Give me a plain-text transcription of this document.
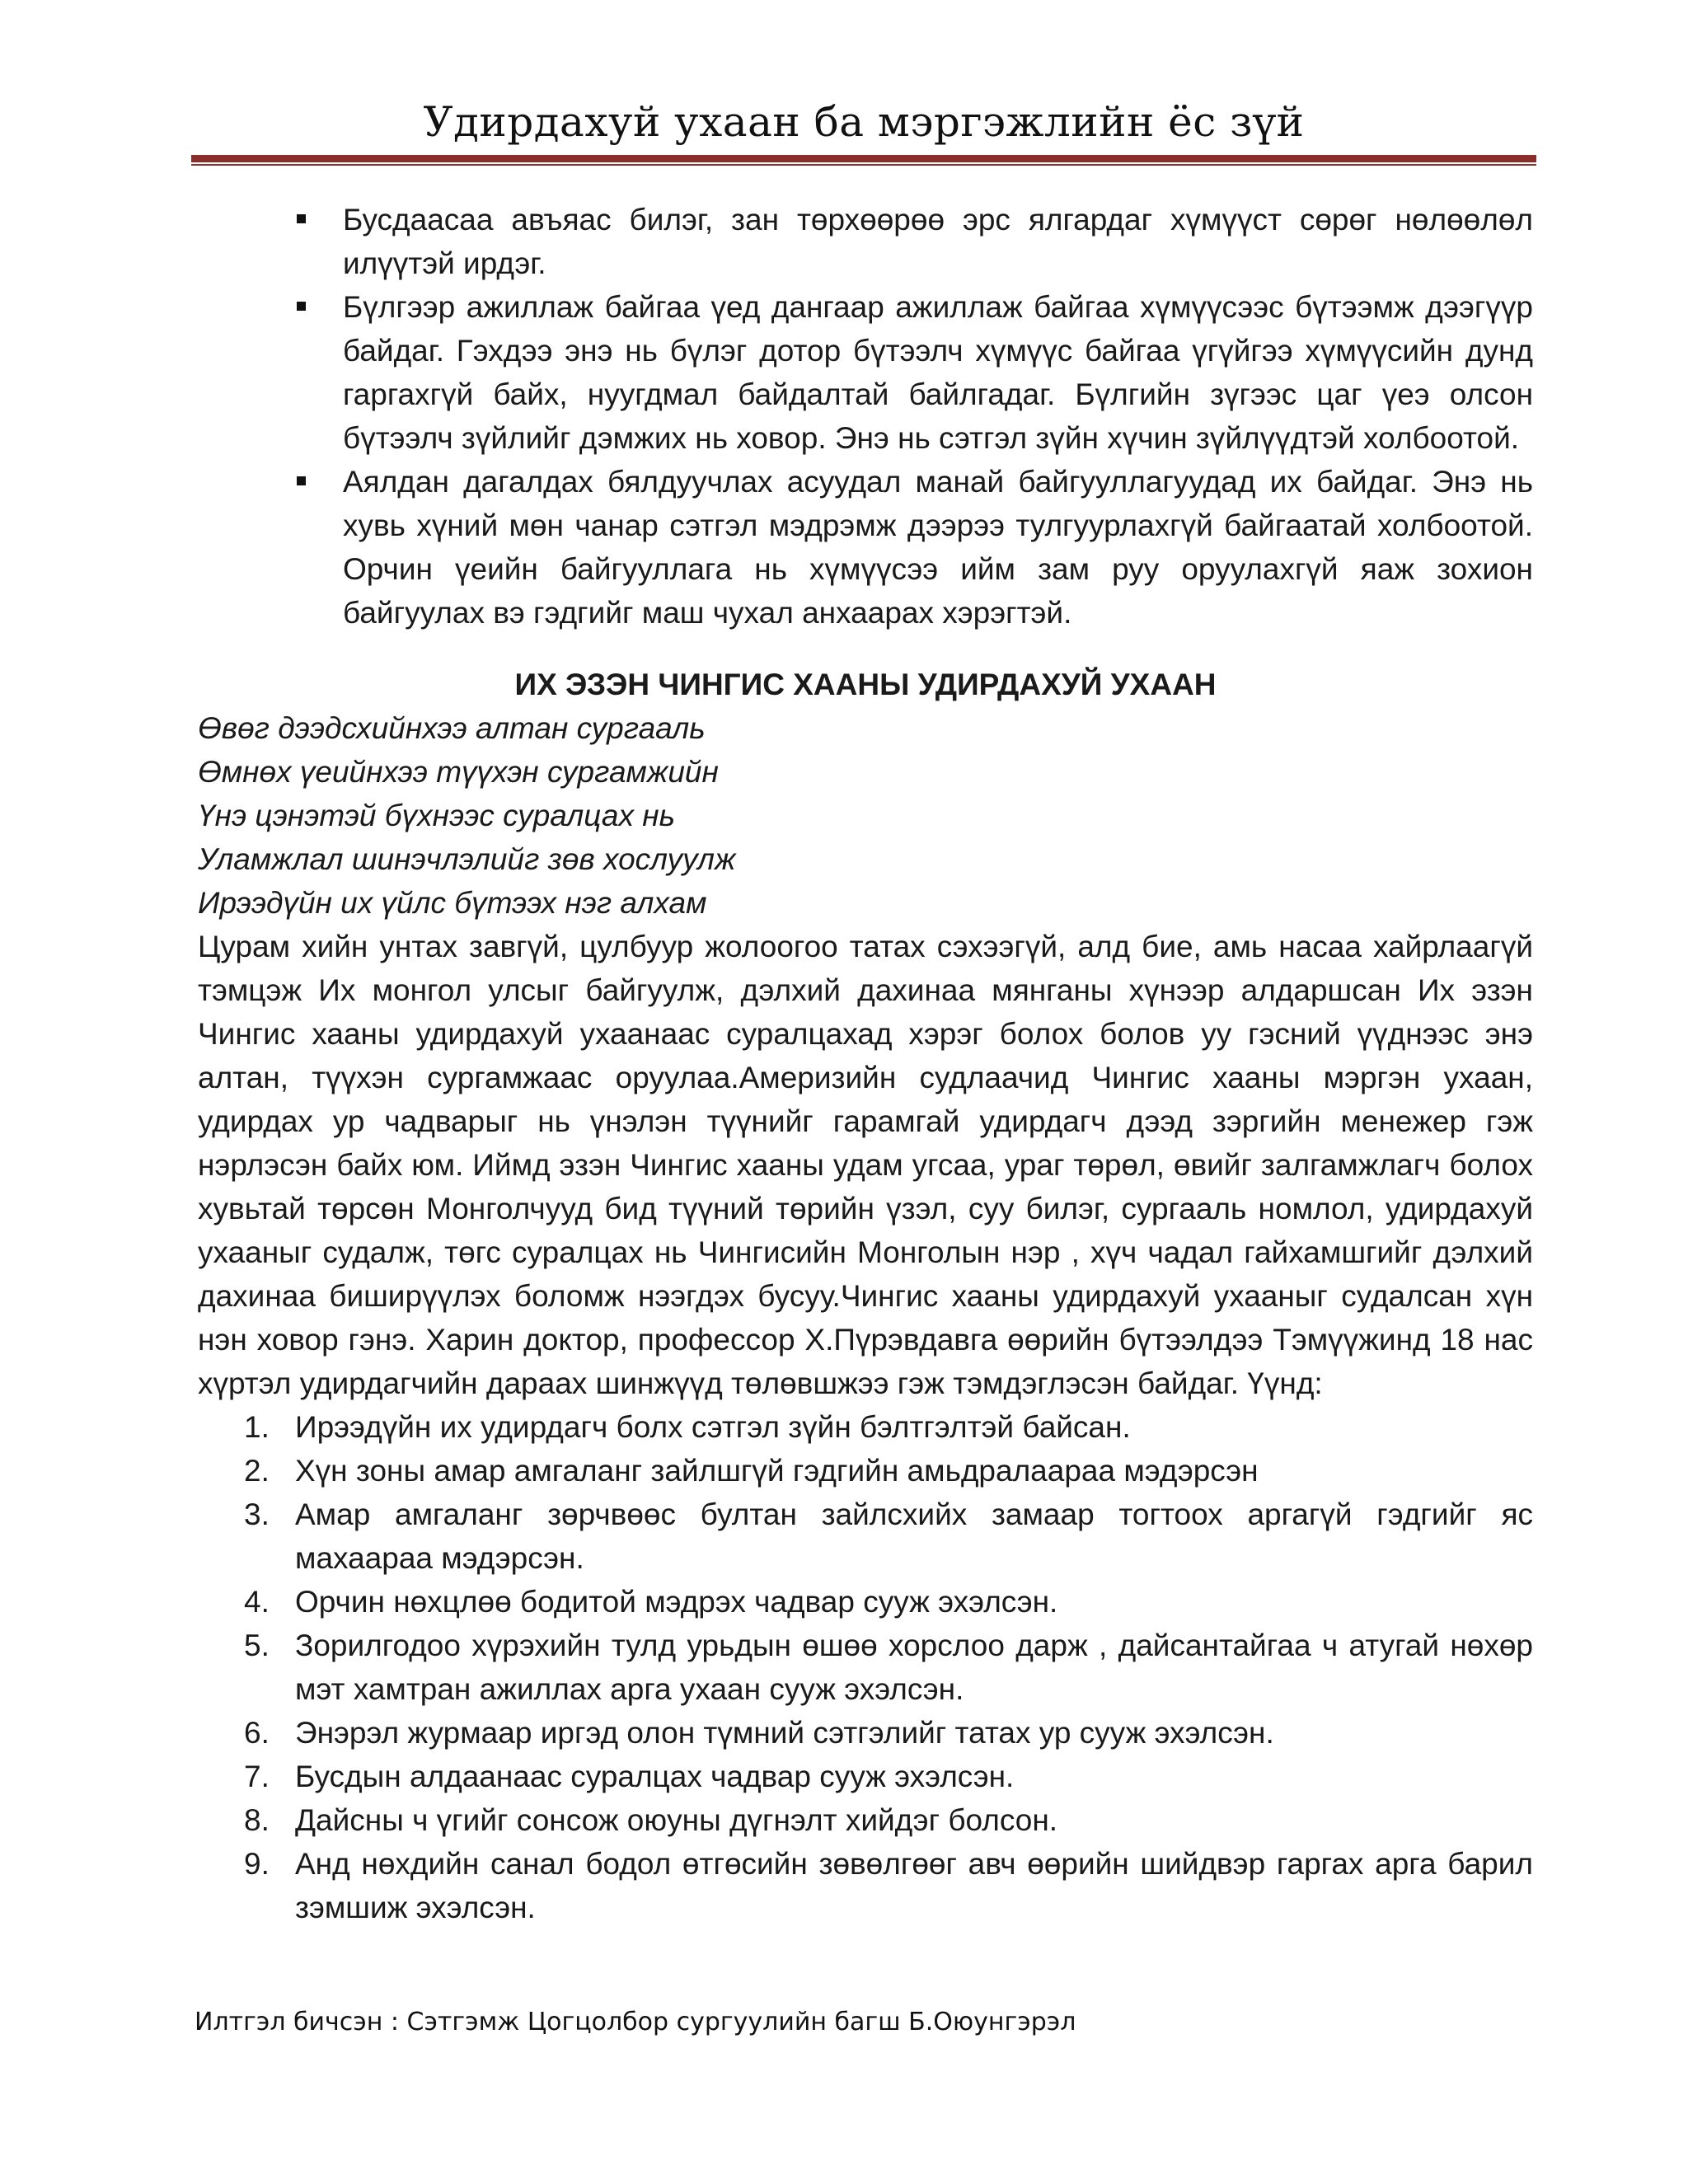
Удирдахуй ухаан ба мэргэжлийн ёс зүй
Бусдаасаа авъяас билэг, зан төрхөөрөө эрс ялгардаг хүмүүст сөрөг нөлөөлөл илүүтэй ирдэг.
Бүлгээр ажиллаж байгаа үед дангаар ажиллаж байгаа хүмүүсээс бүтээмж дээгүүр байдаг. Гэхдээ энэ нь бүлэг дотор бүтээлч хүмүүс байгаа үгүйгээ хүмүүсийн дунд гаргахгүй байх, нуугдмал байдалтай байлгадаг. Бүлгийн зүгээс цаг үеэ олсон бүтээлч зүйлийг дэмжих нь ховор. Энэ нь сэтгэл зүйн хүчин зүйлүүдтэй холбоотой.
Аялдан дагалдах бялдуучлах асуудал манай байгууллагуудад их байдаг. Энэ нь хувь хүний мөн чанар сэтгэл мэдрэмж дээрээ тулгуурлахгүй байгаатай холбоотой. Орчин үеийн байгууллага нь хүмүүсээ ийм зам руу оруулахгүй яаж зохион байгуулах вэ гэдгийг маш чухал анхаарах хэрэгтэй.
ИХ ЭЗЭН ЧИНГИС ХААНЫ УДИРДАХУЙ УХААН

Өвөг дээдсхийнхээ алтан сургааль

Өмнөх үеийнхээ түүхэн сургамжийн

Үнэ цэнэтэй бүхнээс суралцах нь

Уламжлал шинэчлэлийг зөв хослуулж

Ирээдүйн их үйлс бүтээх нэг алхам

Цурам хийн унтах завгүй, цулбуур жолоогоо татах сэхээгүй, алд бие, амь насаа хайрлаагүй тэмцэж Их монгол улсыг байгуулж, дэлхий дахинаа мянганы хүнээр алдаршсан Их эзэн Чингис хааны удирдахуй ухаанаас суралцахад хэрэг болох болов уу гэсний үүднээс энэ алтан, түүхэн сургамжаас оруулаа.Америзийн судлаачид Чингис хааны мэргэн ухаан, удирдах ур чадварыг нь үнэлэн түүнийг гарамгай удирдагч дээд зэргийн менежер гэж нэрлэсэн байх юм. Иймд эзэн Чингис хааны удам угсаа, ураг төрөл, өвийг залгамжлагч болох хувьтай төрсөн Монголчууд бид түүний төрийн үзэл, суу билэг, сургааль номлол, удирдахуй ухааныг судалж, төгс суралцах нь Чингисийн Монголын нэр , хүч чадал гайхамшгийг дэлхий дахинаа биширүүлэх боломж нээгдэх бусуу.Чингис хааны удирдахуй ухааныг судалсан хүн нэн ховор гэнэ. Харин доктор, профессор Х.Пүрэвдавга өөрийн бүтээлдээ Тэмүүжинд 18 нас хүртэл удирдагчийн дараах шинжүүд төлөвшжээ гэж тэмдэглэсэн байдаг. Үүнд:

1. Ирээдүйн их удирдагч болх сэтгэл зүйн бэлтгэлтэй байсан.
2. Хүн зоны амар амгаланг зайлшгүй гэдгийн амьдралаараа мэдэрсэн
3. Амар амгаланг зөрчвөөс бултан зайлсхийх замаар тогтоох аргагүй гэдгийг яс махаараа мэдэрсэн.
4. Орчин нөхцлөө бодитой мэдрэх чадвар сууж эхэлсэн.
5. Зорилгодоо хүрэхийн тулд урьдын өшөө хорслоо дарж , дайсантайгаа ч атугай нөхөр мэт хамтран ажиллах арга ухаан сууж эхэлсэн.
6. Энэрэл журмаар иргэд олон түмний сэтгэлийг татах ур сууж эхэлсэн.
7. Бусдын алдаанаас суралцах чадвар сууж эхэлсэн.
8. Дайсны ч үгийг сонсож оюуны дүгнэлт хийдэг болсон.
9. Анд нөхдийн санал бодол өтгөсийн зөвөлгөөг авч өөрийн шийдвэр гаргах арга барил зэмшиж эхэлсэн.
Илтгэл бичсэн : Сэтгэмж Цогцолбор сургуулийн багш Б.Оюунгэрэл
